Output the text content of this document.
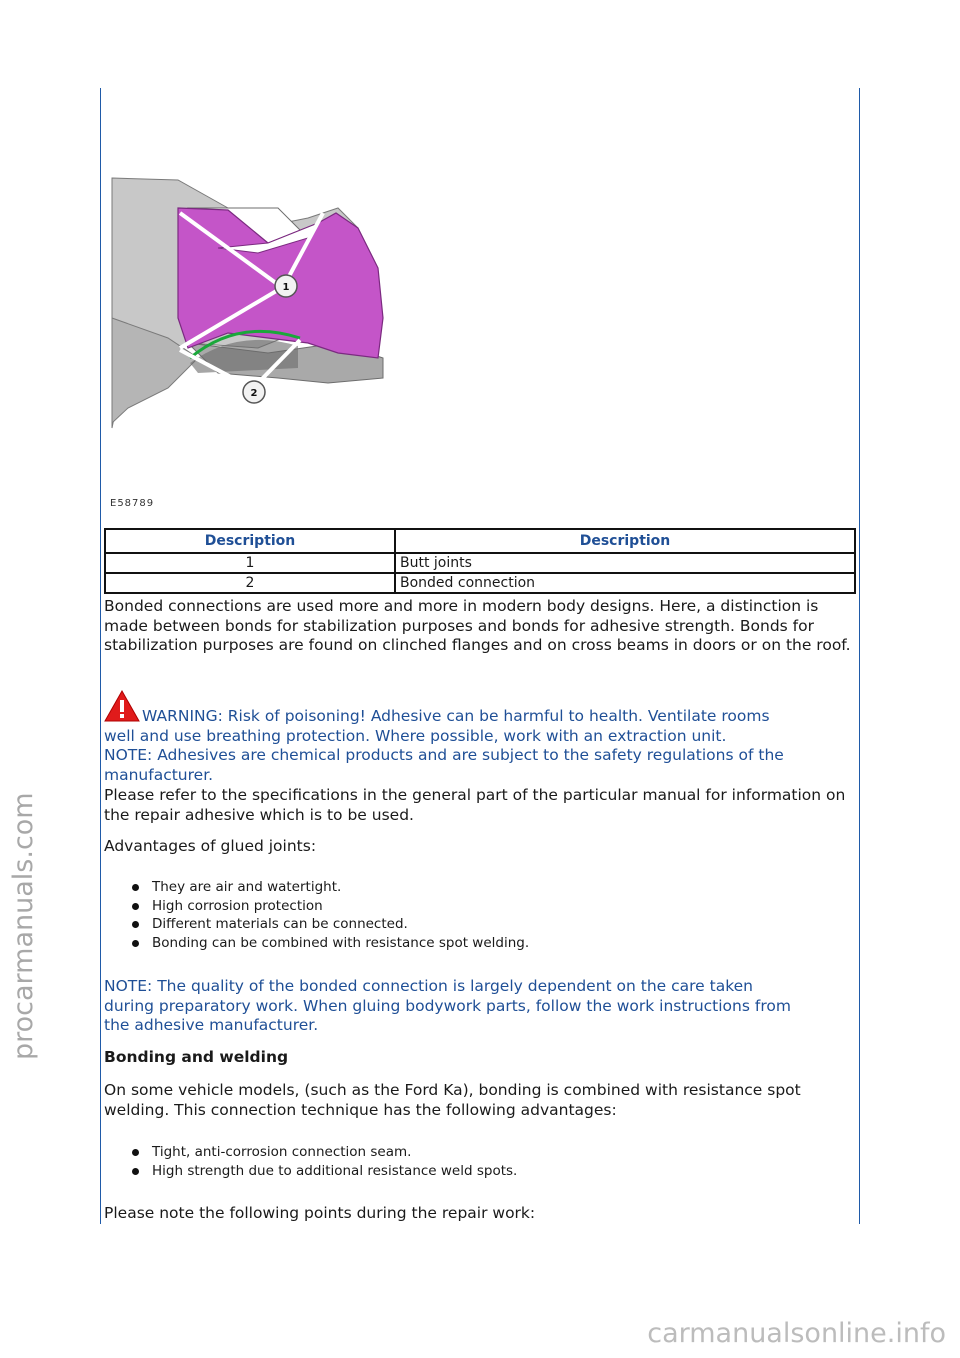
procarmanuals.com
carmanualsonline.info
1
2
E58789
Description	Description
1	Butt joints
2	Bonded connection
Bonded connections are used more and more in modern body designs. Here, a distinction is made between bonds for stabilization purposes and bonds for adhesive strength. Bonds for stabilization purposes are found on clinched flanges and on cross beams in doors or on the roof.
WARNING: Risk of poisoning! Adhesive can be harmful to health. Ventilate rooms
well and use breathing protection. Where possible, work with an extraction unit.
NOTE: Adhesives are chemical products and are subject to the safety regulations of the
manufacturer.
Please refer to the specifications in the general part of the particular manual for information on the repair adhesive which is to be used.
Advantages of glued joints:
They are air and watertight.
High corrosion protection
Different materials can be connected.
Bonding can be combined with resistance spot welding.
NOTE: The quality of the bonded connection is largely dependent on the care taken
during preparatory work. When gluing bodywork parts, follow the work instructions from
the adhesive manufacturer.
Bonding and welding
On some vehicle models, (such as the Ford Ka), bonding is combined with resistance spot welding. This connection technique has the following advantages:
Tight, anti-corrosion connection seam.
High strength due to additional resistance weld spots.
Please note the following points during the repair work:
